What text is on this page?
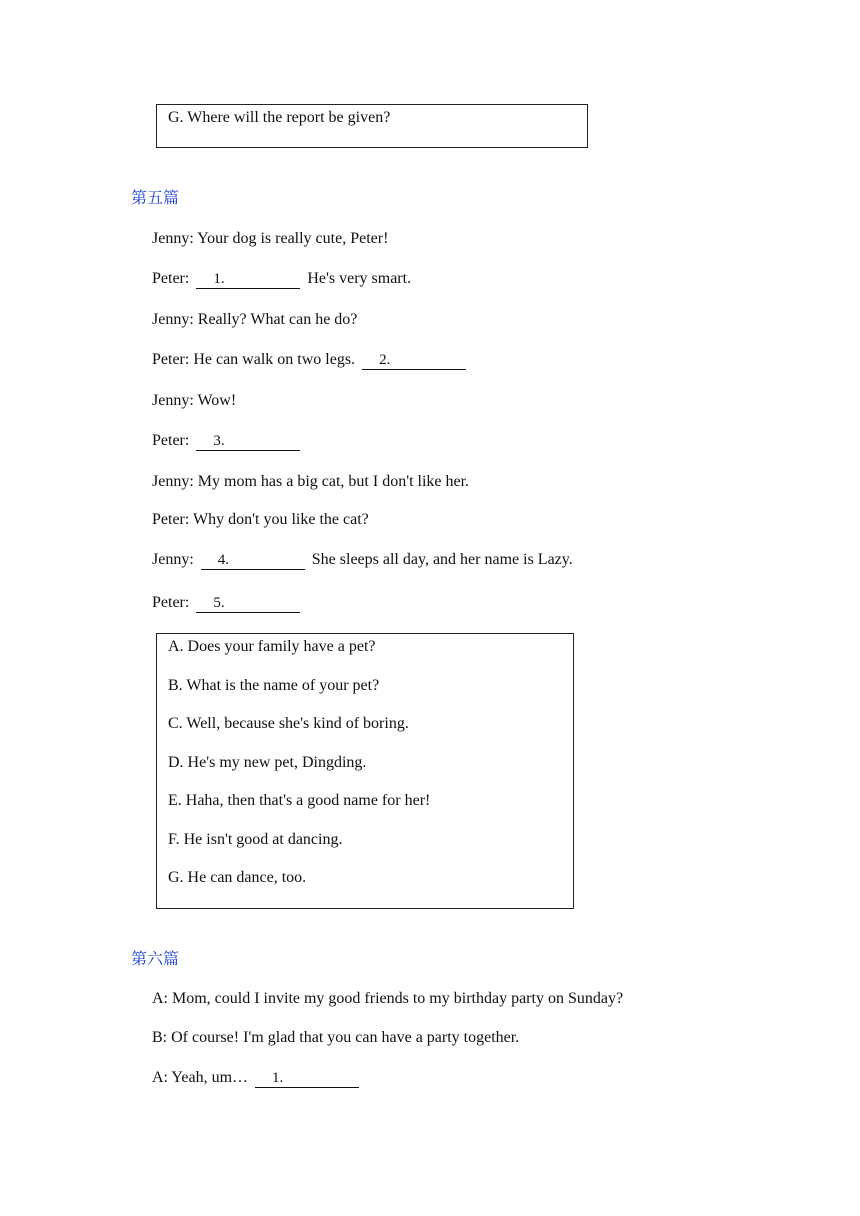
G. Where will the report be given?
第五篇
Jenny: Your dog is really cute, Peter!
Peter: 1.	He's very smart.
Jenny: Really? What can he do?
Peter: He can walk on two legs. 2.
Jenny: Wow!
Peter: 3.
Jenny: My mom has a big cat, but I don't like her.
Peter: Why don't you like the cat?
Jenny: 4.	She sleeps all day, and her name is Lazy.
Peter: 5.
A. Does your family have a pet?
B. What is the name of your pet?
C. Well, because she's kind of boring.
D. He's my new pet, Dingding.
E. Haha, then that's a good name for her!
F. He isn't good at dancing.
G. He can dance, too.
第六篇
A: Mom, could I invite my good friends to my birthday party on Sunday?
B: Of course! I'm glad that you can have a party together.
A: Yeah, um… 1.
